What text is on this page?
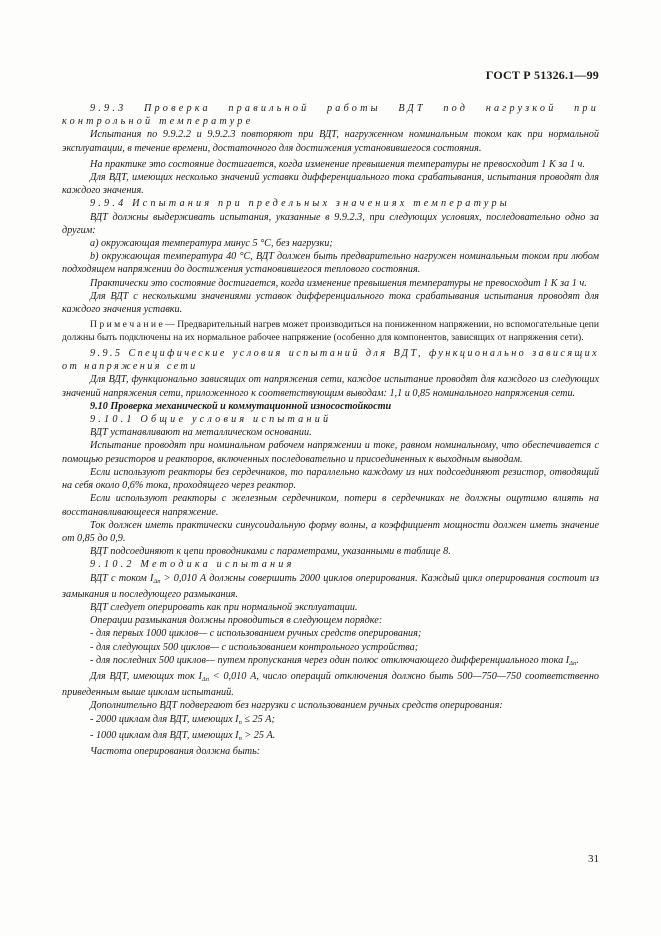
ГОСТ Р 51326.1—99

9.9.3 Проверка правильной работы ВДТ под нагрузкой при контрольной температуре

Испытания по 9.9.2.2 и 9.9.2.3 повторяют при ВДТ, нагруженном номинальным током как при нормальной эксплуатации, в течение времени, достаточного для достижения установившегося состояния.

На практике это состояние достигается, когда изменение превышения температуры не превосходит 1 К за 1 ч.

Для ВДТ, имеющих несколько значений уставки дифференциального тока срабатывания, испытания проводят для каждого значения.

9.9.4 Испытания при предельных значениях температуры

ВДТ должны выдерживать испытания, указанные в 9.9.2.3, при следующих условиях, последовательно одно за другим:

а) окружающая температура минус 5 °С, без нагрузки;

b) окружающая температура 40 °С, ВДТ должен быть предварительно нагружен номинальным током при любом подходящем напряжении до достижения установившегося теплового состояния.

Практически это состояние достигается, когда изменение превышения температуры не превосходит 1 К за 1 ч.

Для ВДТ с несколькими значениями уставок дифференциального тока срабатывания испытания проводят для каждого значения уставки.

П р и м е ч а н и е — Предварительный нагрев может производиться на пониженном напряжении, но вспомогательные цепи должны быть подключены на их нормальное рабочее напряжение (особенно для компонентов, зависящих от напряжения сети).

9.9.5 Специфические условия испытаний для ВДТ, функционально зависящих от напряжения сети

Для ВДТ, функционально зависящих от напряжения сети, каждое испытание проводят для каждого из следующих значений напряжения сети, приложенного к соответствующим выводам: 1,1 и 0,85 номинального напряжения сети.

9.10 Проверка механической и коммутационной износостойкости

9.10.1 Общие условия испытаний

ВДТ устанавливают на металлическом основании.

Испытание проводят при номинальном рабочем напряжении и токе, равном номинальному, что обеспечивается с помощью резисторов и реакторов, включенных последовательно и присоединенных к выходным выводам.

Если используют реакторы без сердечников, то параллельно каждому из них подсоединяют резистор, отводящий на себя около 0,6% тока, проходящего через реактор.

Если используют реакторы с железным сердечником, потери в сердечниках не должны ощутимо влиять на восстанавливающееся напряжение.

Ток должен иметь практически синусоидальную форму волны, а коэффициент мощности должен иметь значение от 0,85 до 0,9.

ВДТ подсоединяют к цепи проводниками с параметрами, указанными в таблице 8.

9.10.2 Методика испытания

ВДТ с током $I_{\Delta n} > 0,010$ А должны совершить 2000 циклов оперирования. Каждый цикл оперирования состоит из замыкания и последующего размыкания.

ВДТ следует оперировать как при нормальной эксплуатации.

Операции размыкания должны проводиться в следующем порядке:

- для первых 1000 циклов— с использованием ручных средств оперирования;

- для следующих 500 циклов— с использованием контрольного устройства;

- для последних 500 циклов— путем пропускания через один полюс отключающего дифференциального тока $I_{\Delta n}$.

Для ВДТ, имеющих ток $I_{\Delta n} < 0,010$ А, число операций отключения должно быть 500—750—750 соответственно приведенным выше циклам испытаний.

Дополнительно ВДТ подвергают без нагрузки с использованием ручных средств оперирования:

- 2000 циклам для ВДТ, имеющих $I_n \le 25$ А;

- 1000 циклам для ВДТ, имеющих $I_n > 25$ А.

Частота оперирования должна быть:

31
